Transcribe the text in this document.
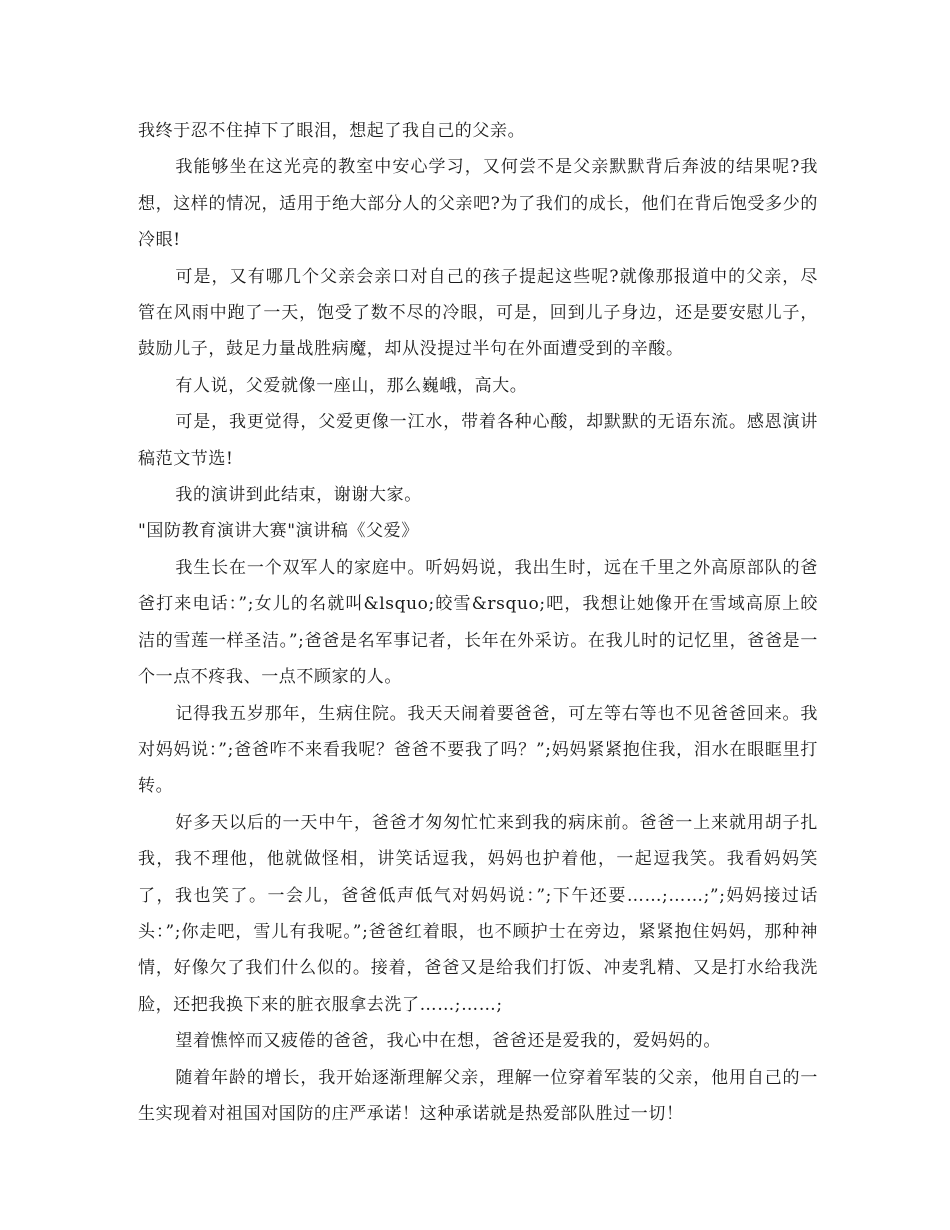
我终于忍不住掉下了眼泪，想起了我自己的父亲。

我能够坐在这光亮的教室中安心学习，又何尝不是父亲默默背后奔波的结果呢?我想，这样的情况，适用于绝大部分人的父亲吧?为了我们的成长，他们在背后饱受多少的冷眼!

可是，又有哪几个父亲会亲口对自己的孩子提起这些呢?就像那报道中的父亲，尽管在风雨中跑了一天，饱受了数不尽的冷眼，可是，回到儿子身边，还是要安慰儿子，鼓励儿子，鼓足力量战胜病魔，却从没提过半句在外面遭受到的辛酸。

有人说，父爱就像一座山，那么巍峨，高大。

可是，我更觉得，父爱更像一江水，带着各种心酸，却默默的无语东流。感恩演讲稿范文节选!

我的演讲到此结束，谢谢大家。

"国防教育演讲大赛"演讲稿《父爱》

我生长在一个双军人的家庭中。听妈妈说，我出生时，远在千里之外高原部队的爸爸打来电话：”;女儿的名就叫&lsquo;皎雪&rsquo;吧，我想让她像开在雪域高原上皎洁的雪莲一样圣洁。”;爸爸是名军事记者，长年在外采访。在我儿时的记忆里，爸爸是一个一点不疼我、一点不顾家的人。

记得我五岁那年，生病住院。我天天闹着要爸爸，可左等右等也不见爸爸回来。我对妈妈说：”;爸爸咋不来看我呢？爸爸不要我了吗？”;妈妈紧紧抱住我，泪水在眼眶里打转。

好多天以后的一天中午，爸爸才匆匆忙忙来到我的病床前。爸爸一上来就用胡子扎我，我不理他，他就做怪相，讲笑话逗我，妈妈也护着他，一起逗我笑。我看妈妈笑了，我也笑了。一会儿，爸爸低声低气对妈妈说：”;下午还要……;……;”;妈妈接过话头：”;你走吧，雪儿有我呢。”;爸爸红着眼，也不顾护士在旁边，紧紧抱住妈妈，那种神情，好像欠了我们什么似的。接着，爸爸又是给我们打饭、冲麦乳精、又是打水给我洗脸，还把我换下来的脏衣服拿去洗了……;……;

望着憔悴而又疲倦的爸爸，我心中在想，爸爸还是爱我的，爱妈妈的。

随着年龄的增长，我开始逐渐理解父亲，理解一位穿着军装的父亲，他用自己的一生实现着对祖国对国防的庄严承诺！这种承诺就是热爱部队胜过一切！
